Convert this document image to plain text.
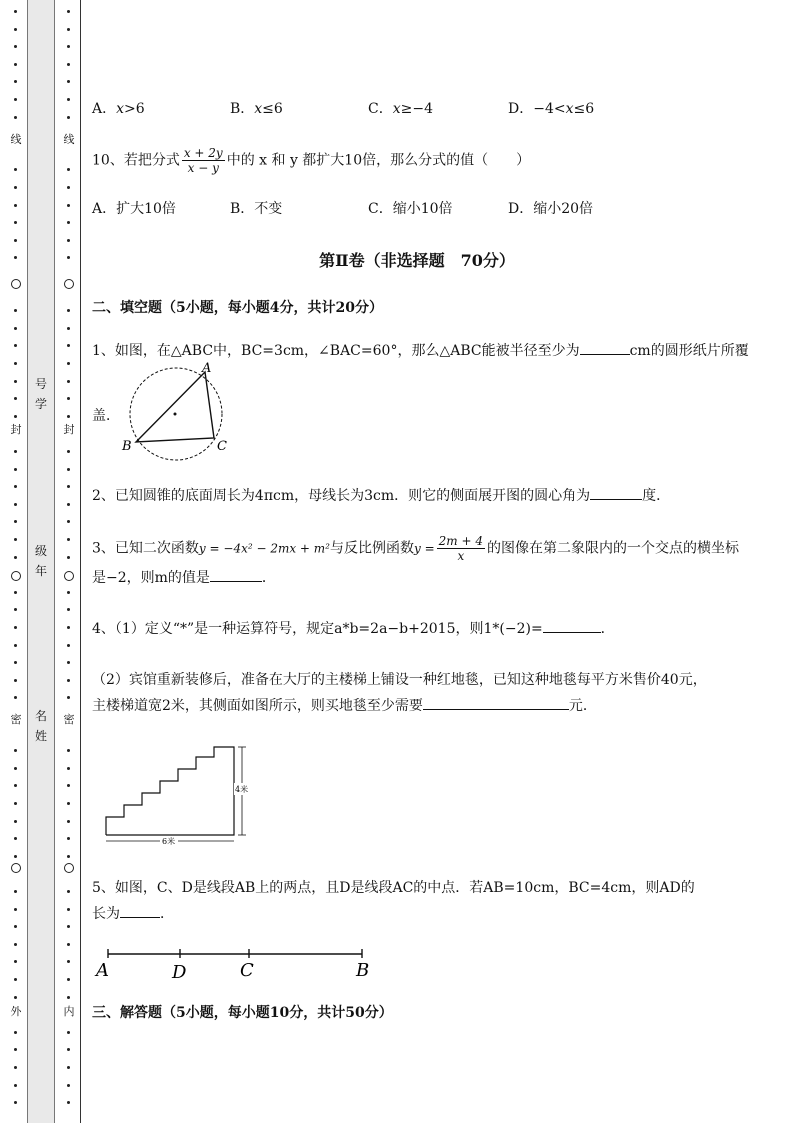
线
封
密
外
线
封
密
内
号
学
级
年
名
姓
A．𝑥>6	B．𝑥≤6	C．𝑥≥−4	D．−4<𝑥≤6
10、若把分式 $\frac{x + 2y}{x - y}$ 中的 x 和 y 都扩大10倍，那么分式的值（　　）
A．扩大10倍	B．不变	C．缩小10倍	D．缩小20倍
第Ⅱ卷（非选择题　70分）
二、填空题（5小题，每小题4分，共计20分）
1、如图，在△ABC中，BC=3cm，∠BAC=60°，那么△ABC能被半径至少为	cm的圆形纸片所覆
盖．
A
B	C
2、已知圆锥的底面周长为4πcm，母线长为3cm．则它的侧面展开图的圆心角为	度．
3、已知二次函数y = −4x² − 2mx + m²与反比例函数$y = \frac{2m + 4}{x}$ 的图像在第二象限内的一个交点的横坐标
是−2，则m的值是	．
4、（1）定义“*”是一种运算符号，规定a*b=2a−b+2015，则1*(−2)=	．
（2）宾馆重新装修后，准备在大厅的主楼梯上铺设一种红地毯，已知这种地毯每平方米售价40元，
主楼梯道宽2米，其侧面如图所示，则买地毯至少需要	元．
4米
6米
5、如图，C、D是线段AB上的两点，且D是线段AC的中点．若AB=10cm，BC=4cm，则AD的
长为	．
A	D	C	B
三、解答题（5小题，每小题10分，共计50分）
